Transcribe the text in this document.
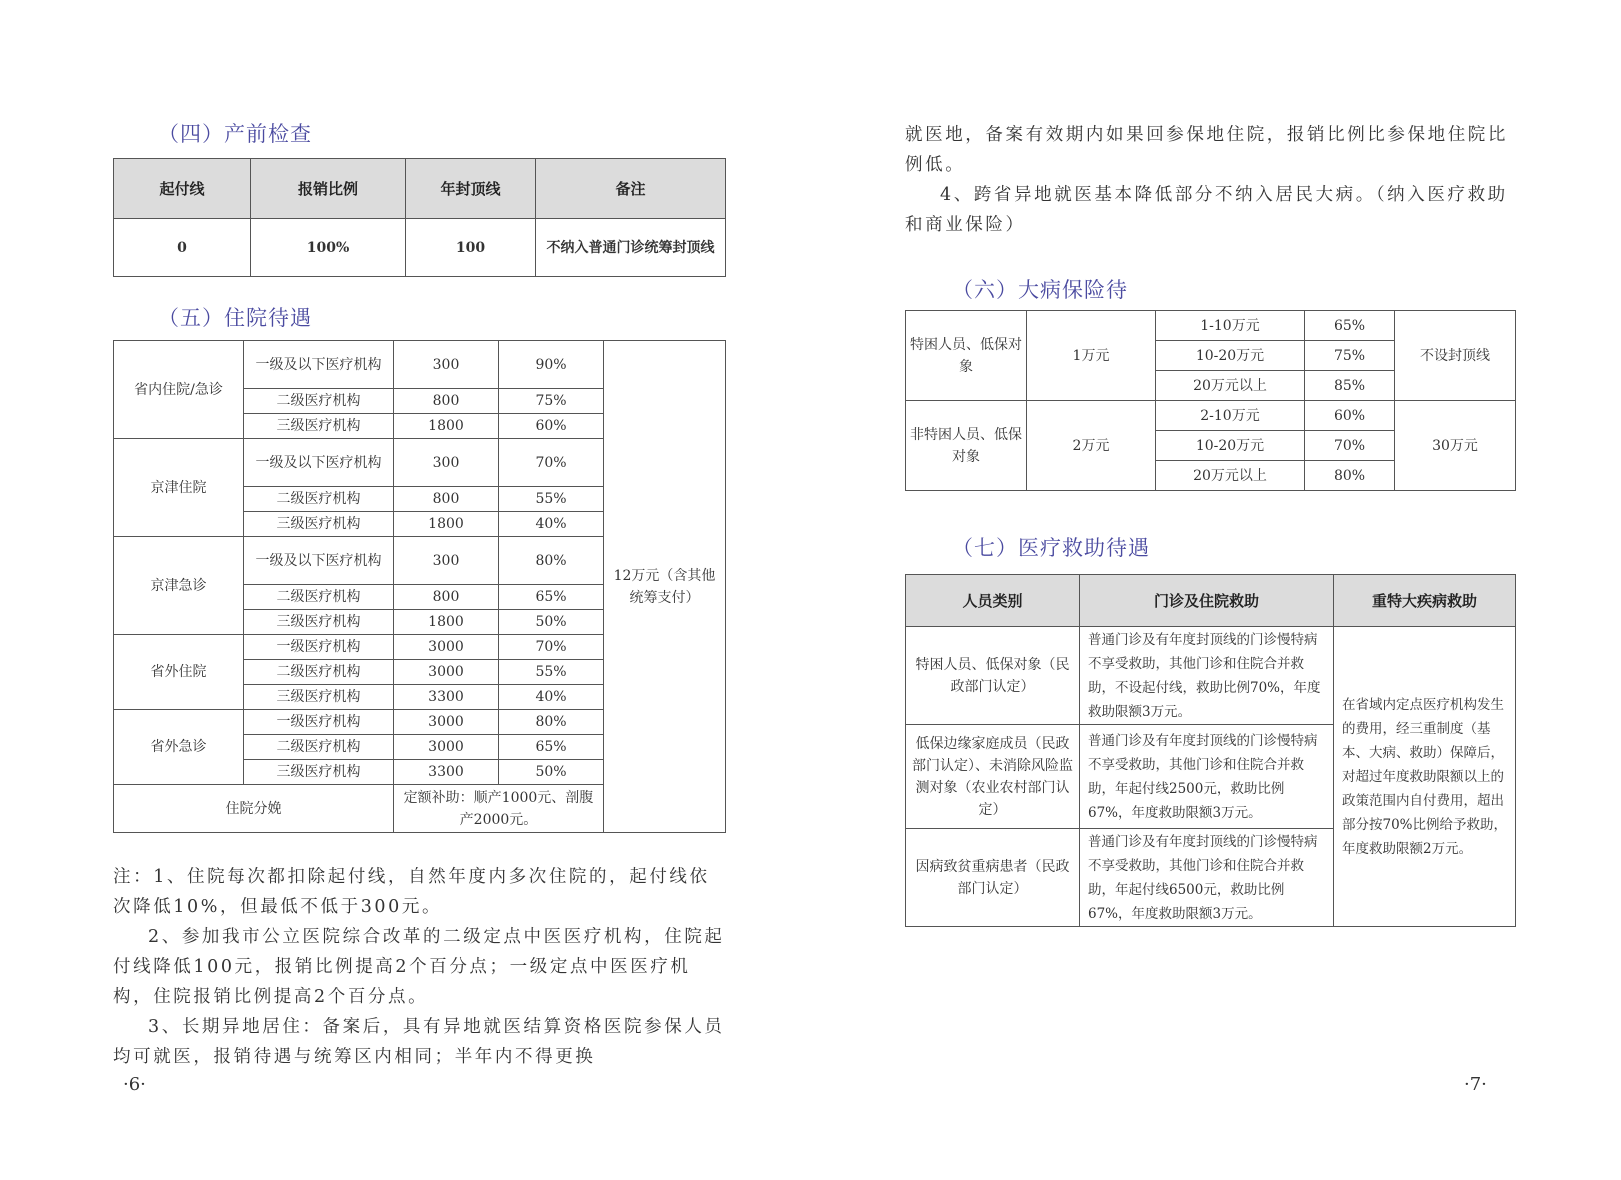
（四）产前检查
起付线	报销比例	年封顶线	备注
0	100%	100	不纳入普通门诊统筹封顶线
（五）住院待遇
省内住院/急诊	一级及以下医疗机构	300	90%	12万元（含其他统筹支付）
	二级医疗机构	800	75%	
	三级医疗机构	1800	60%	
京津住院	一级及以下医疗机构	300	70%	
	二级医疗机构	800	55%	
	三级医疗机构	1800	40%	
京津急诊	一级及以下医疗机构	300	80%	
	二级医疗机构	800	65%	
	三级医疗机构	1800	50%	
省外住院	一级医疗机构	3000	70%	
	二级医疗机构	3000	55%	
	三级医疗机构	3300	40%	
省外急诊	一级医疗机构	3000	80%	
	二级医疗机构	3000	65%	
	三级医疗机构	3300	50%	
住院分娩		定额补助：顺产1000元、剖腹产2000元。		

注：1、住院每次都扣除起付线，自然年度内多次住院的，起付线依次降低10%，但最低不低于300元。

2、参加我市公立医院综合改革的二级定点中医医疗机构，住院起付线降低100元，报销比例提高2个百分点；一级定点中医医疗机构，住院报销比例提高2个百分点。

3、长期异地居住：备案后，具有异地就医结算资格医院参保人员均可就医，报销待遇与统筹区内相同；半年内不得更换

·6·

就医地，备案有效期内如果回参保地住院，报销比例比参保地住院比例低。

4、跨省异地就医基本降低部分不纳入居民大病。（纳入医疗救助和商业保险）

（六）大病保险待
特困人员、低保对象	1万元	1-10万元	65%	不设封顶线
		10-20万元	75%	
		20万元以上	85%	
非特困人员、低保对象	2万元	2-10万元	60%	30万元
		10-20万元	70%	
		20万元以上	80%	
（七）医疗救助待遇
人员类别	门诊及住院救助	重特大疾病救助
特困人员、低保对象（民政部门认定）	普通门诊及有年度封顶线的门诊慢特病不享受救助，其他门诊和住院合并救助，不设起付线，救助比例70%，年度救助限额3万元。	在省域内定点医疗机构发生的费用，经三重制度（基本、大病、救助）保障后，对超过年度救助限额以上的政策范围内自付费用，超出部分按70%比例给予救助，年度救助限额2万元。
低保边缘家庭成员（民政部门认定）、未消除风险监测对象（农业农村部门认定）	普通门诊及有年度封顶线的门诊慢特病不享受救助，其他门诊和住院合并救助，年起付线2500元，救助比例67%，年度救助限额3万元。	
因病致贫重病患者（民政部门认定）	普通门诊及有年度封顶线的门诊慢特病不享受救助，其他门诊和住院合并救助，年起付线6500元，救助比例67%，年度救助限额3万元。	

·7·
